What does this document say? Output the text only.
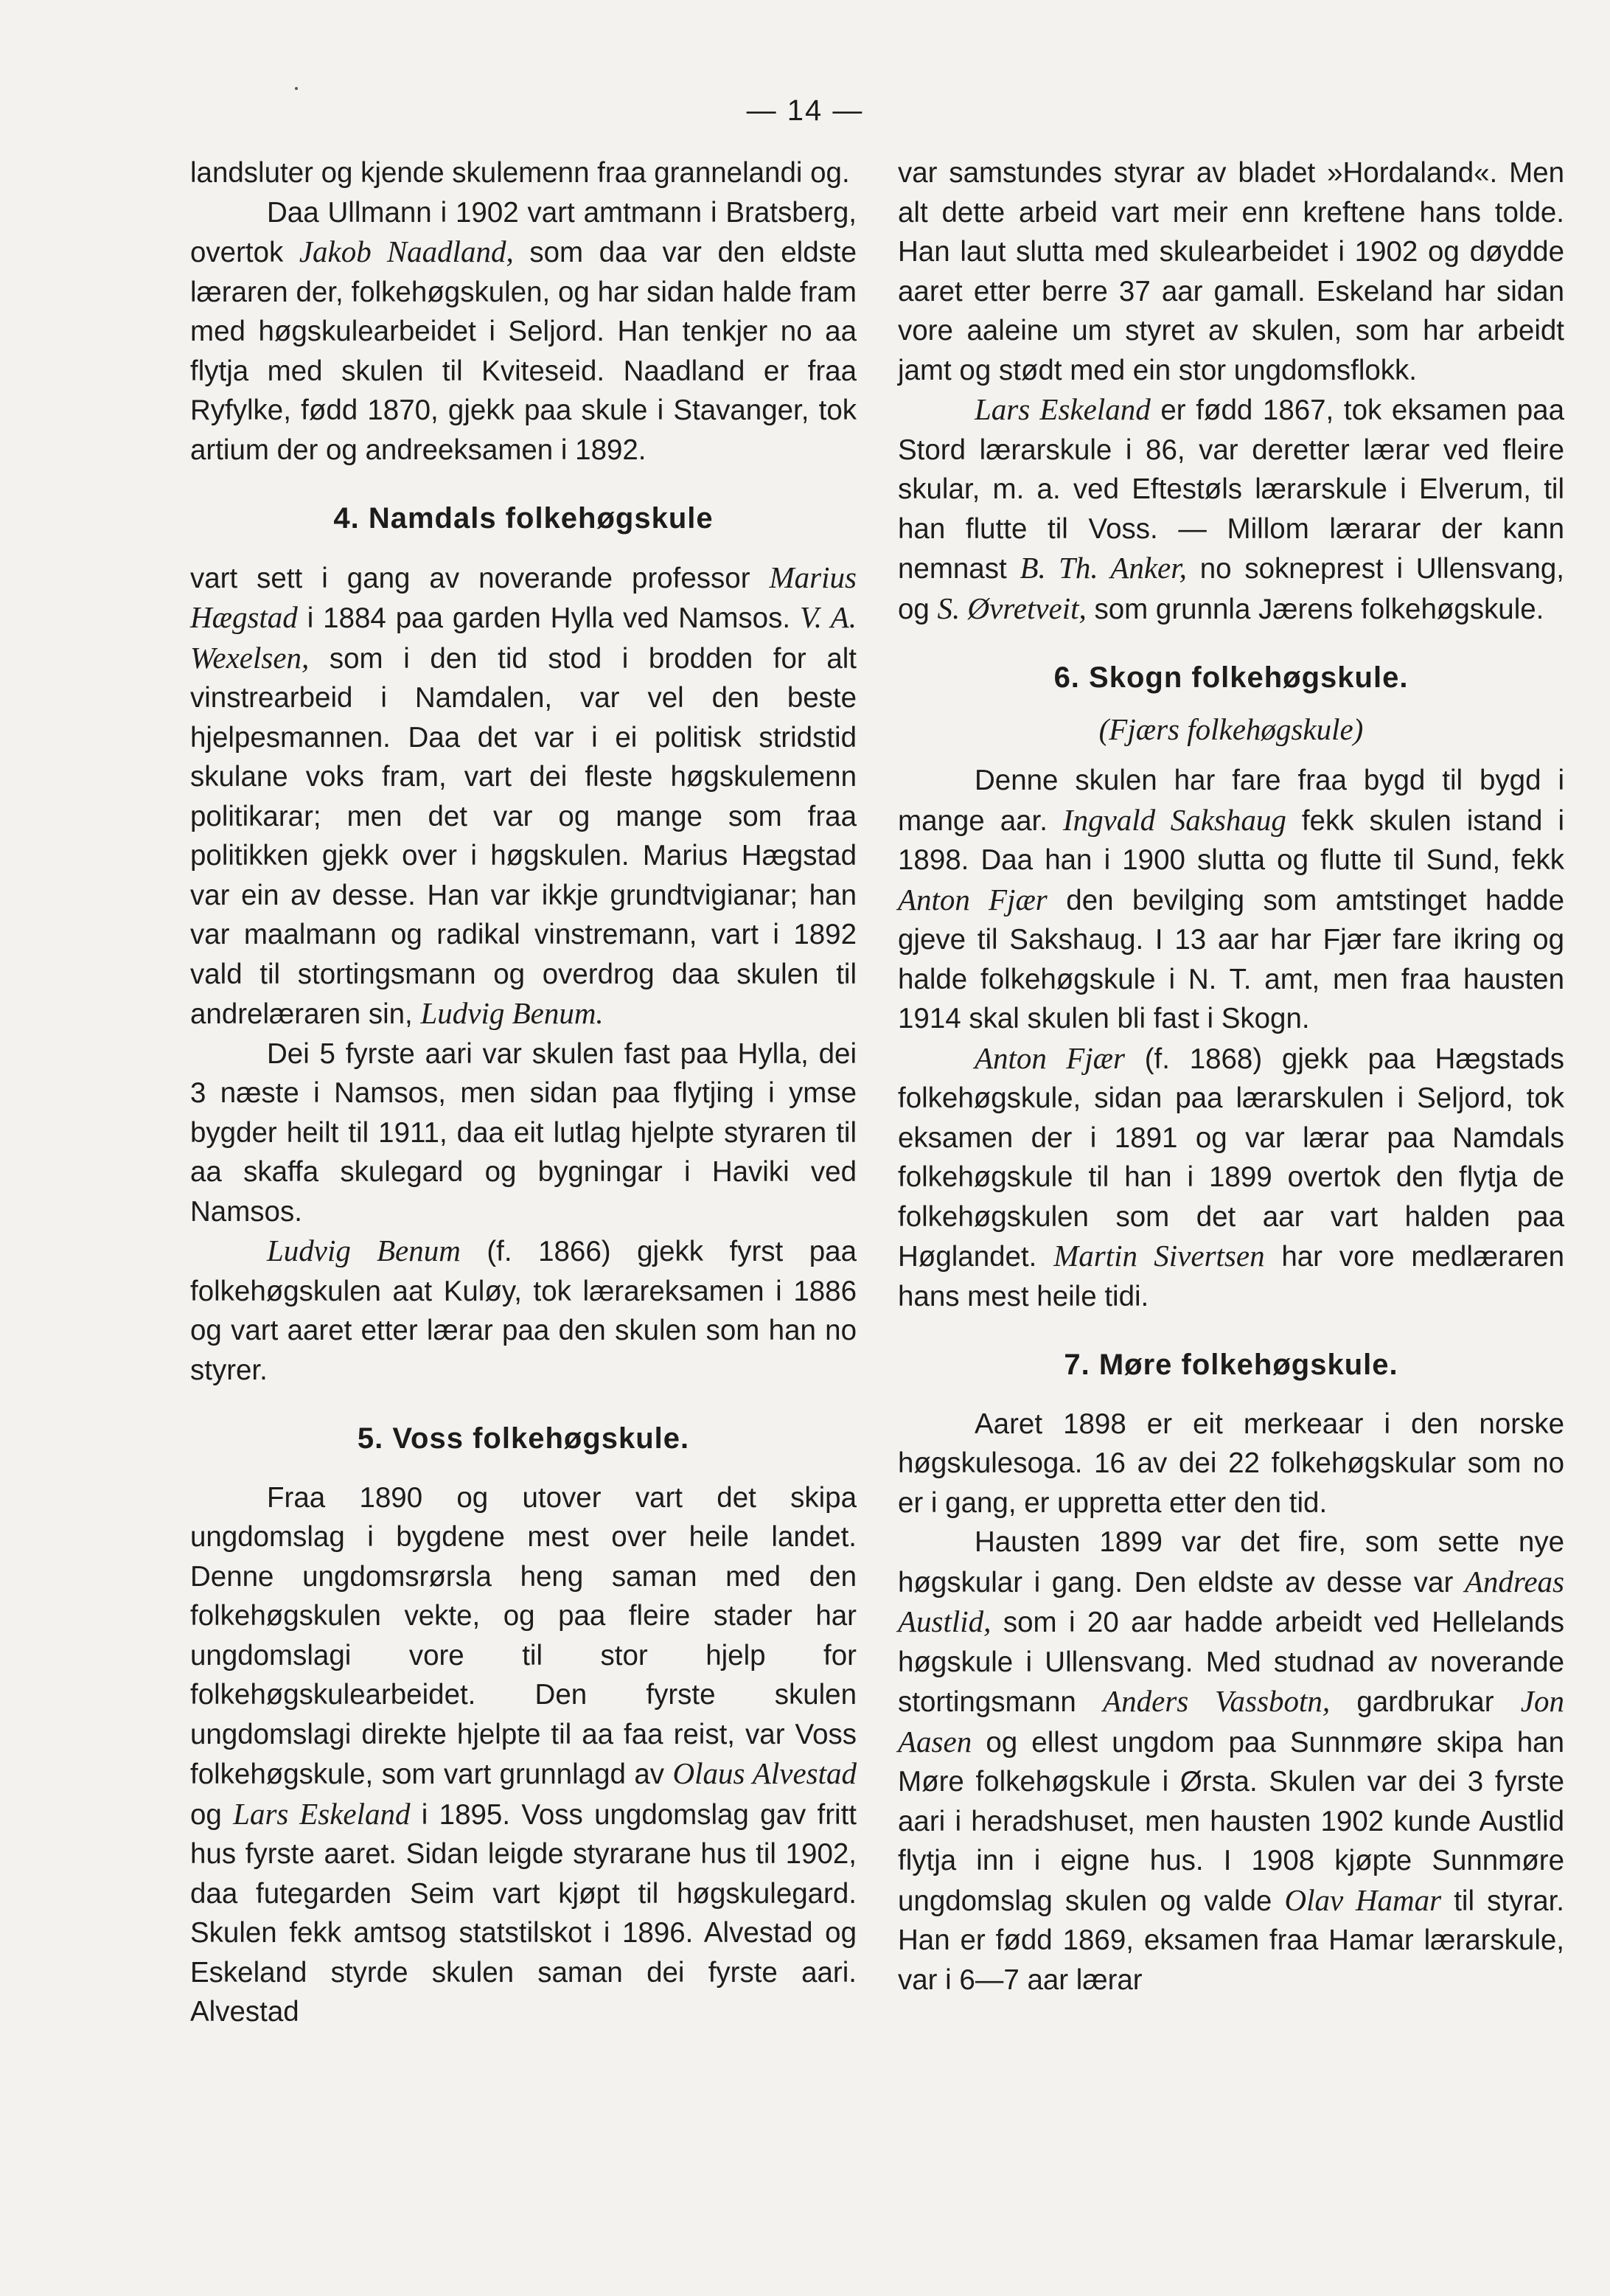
— 14 —

landsluter og kjende skulemenn fraa grannelandi og.

Daa Ullmann i 1902 vart amtmann i Bratsberg, overtok Jakob Naadland, som daa var den eldste læraren der, folkehøgskulen, og har sidan halde fram med høgskulearbeidet i Seljord. Han tenkjer no aa flytja med skulen til Kviteseid. Naadland er fraa Ryfylke, fødd 1870, gjekk paa skule i Stavanger, tok artium der og andreeksamen i 1892.

4. Namdals folkehøgskule

vart sett i gang av noverande professor Marius Hægstad i 1884 paa garden Hylla ved Namsos. V. A. Wexelsen, som i den tid stod i brodden for alt vinstrearbeid i Namdalen, var vel den beste hjelpesmannen. Daa det var i ei politisk stridstid skulane voks fram, vart dei fleste høgskulemenn politikarar; men det var og mange som fraa politikken gjekk over i høgskulen. Marius Hægstad var ein av desse. Han var ikkje grundtvigianar; han var maalmann og radikal vinstremann, vart i 1892 vald til stortingsmann og overdrog daa skulen til andrelæraren sin, Ludvig Benum.

Dei 5 fyrste aari var skulen fast paa Hylla, dei 3 næste i Namsos, men sidan paa flytjing i ymse bygder heilt til 1911, daa eit lutlag hjelpte styraren til aa skaffa skulegard og bygningar i Haviki ved Namsos.

Ludvig Benum (f. 1866) gjekk fyrst paa folkehøgskulen aat Kuløy, tok lærareksamen i 1886 og vart aaret etter lærar paa den skulen som han no styrer.

5. Voss folkehøgskule.

Fraa 1890 og utover vart det skipa ungdomslag i bygdene mest over heile landet. Denne ungdomsrørsla heng saman med den folkehøgskulen vekte, og paa fleire stader har ungdomslagi vore til stor hjelp for folkehøgskulearbeidet. Den fyrste skulen ungdomslagi direkte hjelpte til aa faa reist, var Voss folkehøgskule, som vart grunnlagd av Olaus Alvestad og Lars Eskeland i 1895. Voss ungdomslag gav fritt hus fyrste aaret. Sidan leigde styrarane hus til 1902, daa futegarden Seim vart kjøpt til høgskulegard. Skulen fekk amtsog statstilskot i 1896. Alvestad og Eskeland styrde skulen saman dei fyrste aari. Alvestad

var samstundes styrar av bladet »Hordaland«. Men alt dette arbeid vart meir enn kreftene hans tolde. Han laut slutta med skulearbeidet i 1902 og døydde aaret etter berre 37 aar gamall. Eskeland har sidan vore aaleine um styret av skulen, som har arbeidt jamt og stødt med ein stor ungdomsflokk.

Lars Eskeland er fødd 1867, tok eksamen paa Stord lærarskule i 86, var deretter lærar ved fleire skular, m. a. ved Eftestøls lærarskule i Elverum, til han flutte til Voss. — Millom lærarar der kann nemnast B. Th. Anker, no sokneprest i Ullensvang, og S. Øvretveit, som grunnla Jærens folkehøgskule.

6. Skogn folkehøgskule.
(Fjærs folkehøgskule)

Denne skulen har fare fraa bygd til bygd i mange aar. Ingvald Sakshaug fekk skulen istand i 1898. Daa han i 1900 slutta og flutte til Sund, fekk Anton Fjær den bevilging som amtstinget hadde gjeve til Sakshaug. I 13 aar har Fjær fare ikring og halde folkehøgskule i N. T. amt, men fraa hausten 1914 skal skulen bli fast i Skogn.

Anton Fjær (f. 1868) gjekk paa Hægstads folkehøgskule, sidan paa lærarskulen i Seljord, tok eksamen der i 1891 og var lærar paa Namdals folkehøgskule til han i 1899 overtok den flytja de folkehøgskulen som det aar vart halden paa Høglandet. Martin Sivertsen har vore medlæraren hans mest heile tidi.

7. Møre folkehøgskule.

Aaret 1898 er eit merkeaar i den norske høgskulesoga. 16 av dei 22 folkehøgskular som no er i gang, er uppretta etter den tid.

Hausten 1899 var det fire, som sette nye høgskular i gang. Den eldste av desse var Andreas Austlid, som i 20 aar hadde arbeidt ved Hellelands høgskule i Ullensvang. Med studnad av noverande stortingsmann Anders Vassbotn, gardbrukar Jon Aasen og ellest ungdom paa Sunnmøre skipa han Møre folkehøgskule i Ørsta. Skulen var dei 3 fyrste aari i heradshuset, men hausten 1902 kunde Austlid flytja inn i eigne hus. I 1908 kjøpte Sunnmøre ungdomslag skulen og valde Olav Hamar til styrar. Han er fødd 1869, eksamen fraa Hamar lærarskule, var i 6—7 aar lærar
